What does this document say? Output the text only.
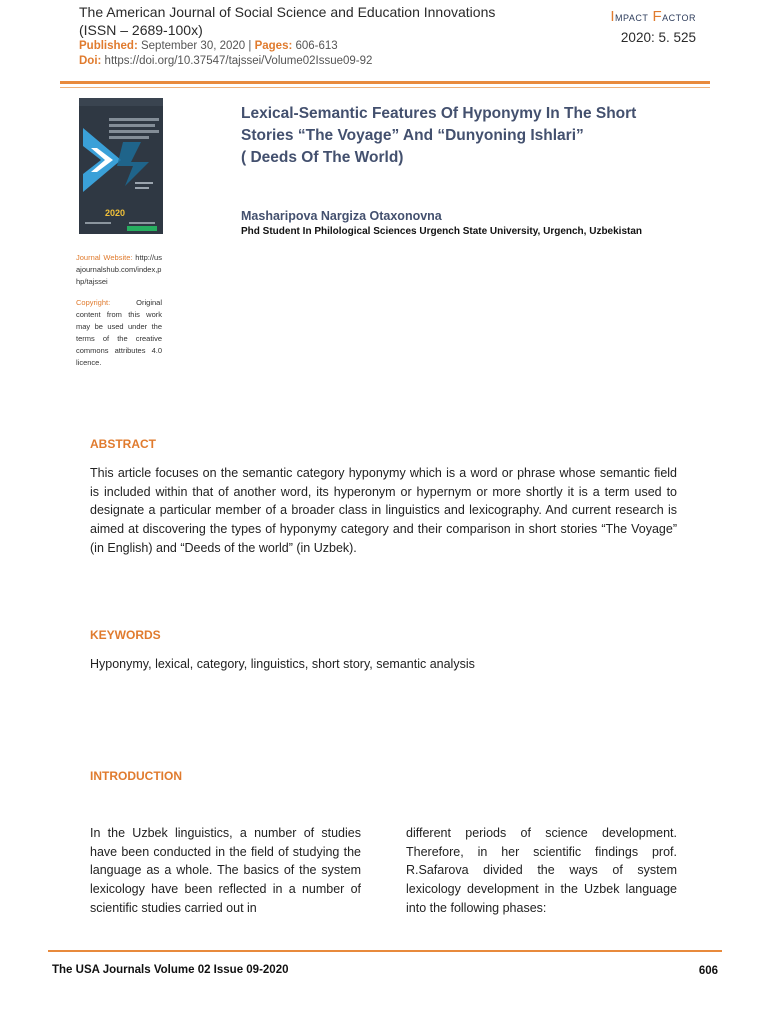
The American Journal of Social Science and Education Innovations
(ISSN – 2689-100x)
Published: September 30, 2020 | Pages: 606-613
Doi: https://doi.org/10.37547/tajssei/Volume02Issue09-92
Impact Factor
2020: 5. 525
2020
Journal Website: http://usajournalshub.com/index,php/tajssei
Copyright: Original content from this work may be used under the terms of the creative commons attributes 4.0 licence.
Lexical-Semantic Features Of Hyponymy In The Short
Stories “The Voyage” And “Dunyoning Ishlari”
( Deeds Of The World)
Masharipova Nargiza Otaxonovna
Phd Student In Philological Sciences Urgench State University, Urgench, Uzbekistan
ABSTRACT
This article focuses on the semantic category hyponymy which is a word or phrase whose semantic field is included within that of another word, its hyperonym or hypernym or more shortly it is a term used to designate a particular member of a broader class in linguistics and lexicography. And current research is aimed at discovering the types of hyponymy category and their comparison in short stories “The Voyage” (in English) and “Deeds of the world” (in Uzbek).
KEYWORDS
Hyponymy, lexical, category, linguistics, short story, semantic analysis
INTRODUCTION
In the Uzbek linguistics, a number of studies have been conducted in the field of studying the language as a whole. The basics of the system lexicology have been reflected in a number of scientific studies carried out in
different periods of science development. Therefore, in her scientific findings prof. R.Safarova divided the ways of system lexicology development in the Uzbek language into the following phases:
The USA Journals Volume 02 Issue 09-2020	606
